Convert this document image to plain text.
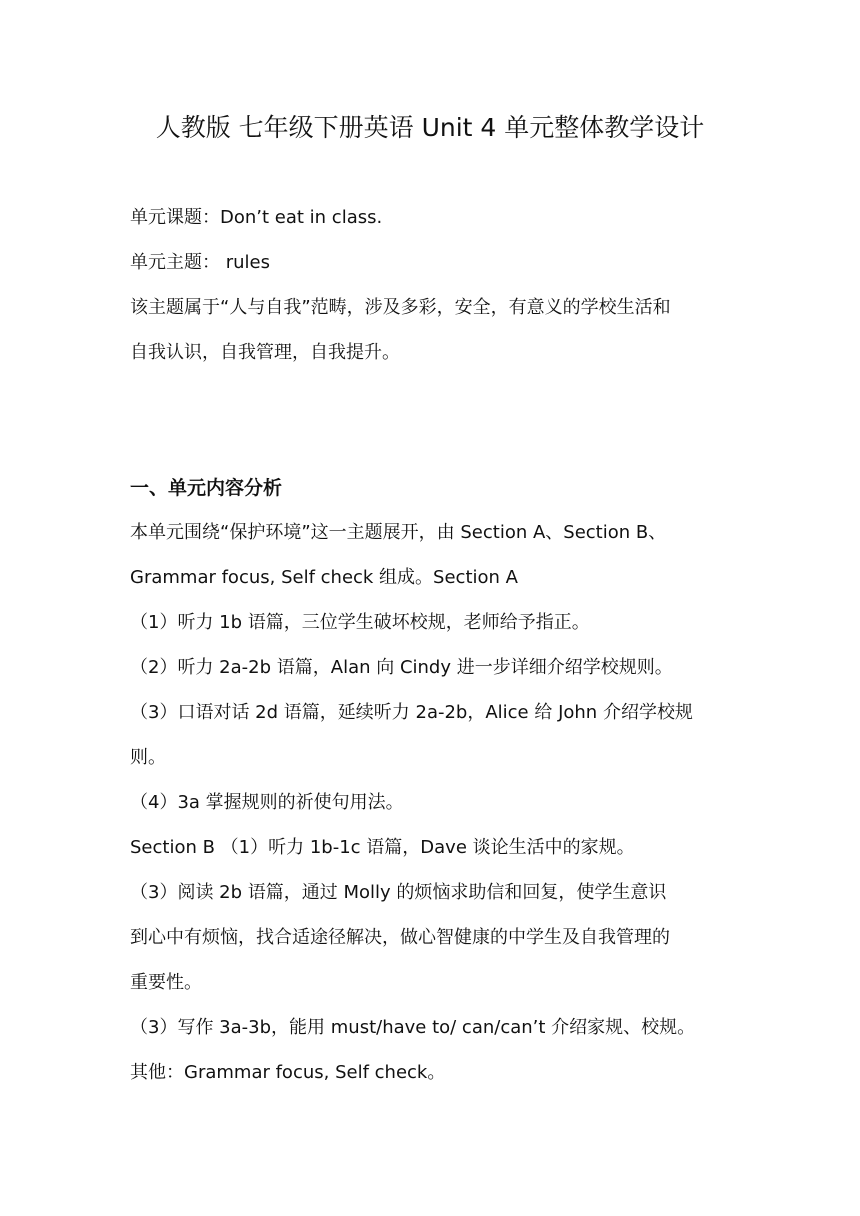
人教版 七年级下册英语 Unit 4 单元整体教学设计
单元课题：Don’t eat in class.
单元主题： rules
该主题属于“人与自我”范畴，涉及多彩，安全，有意义的学校生活和
自我认识，自我管理，自我提升。
一、单元内容分析
本单元围绕“保护环境”这一主题展开，由 Section A、Section B、
Grammar focus, Self check 组成。Section A
（1）听力 1b 语篇，三位学生破坏校规，老师给予指正。
（2）听力 2a-2b 语篇，Alan 向 Cindy 进一步详细介绍学校规则。
（3）口语对话 2d 语篇，延续听力 2a-2b，Alice 给 John 介绍学校规
则。
（4）3a 掌握规则的祈使句用法。
Section B （1）听力 1b-1c 语篇，Dave 谈论生活中的家规。
（3）阅读 2b 语篇，通过 Molly 的烦恼求助信和回复，使学生意识
到心中有烦恼，找合适途径解决，做心智健康的中学生及自我管理的
重要性。
（3）写作 3a-3b，能用 must/have to/ can/can’t 介绍家规、校规。
其他：Grammar focus, Self check。
